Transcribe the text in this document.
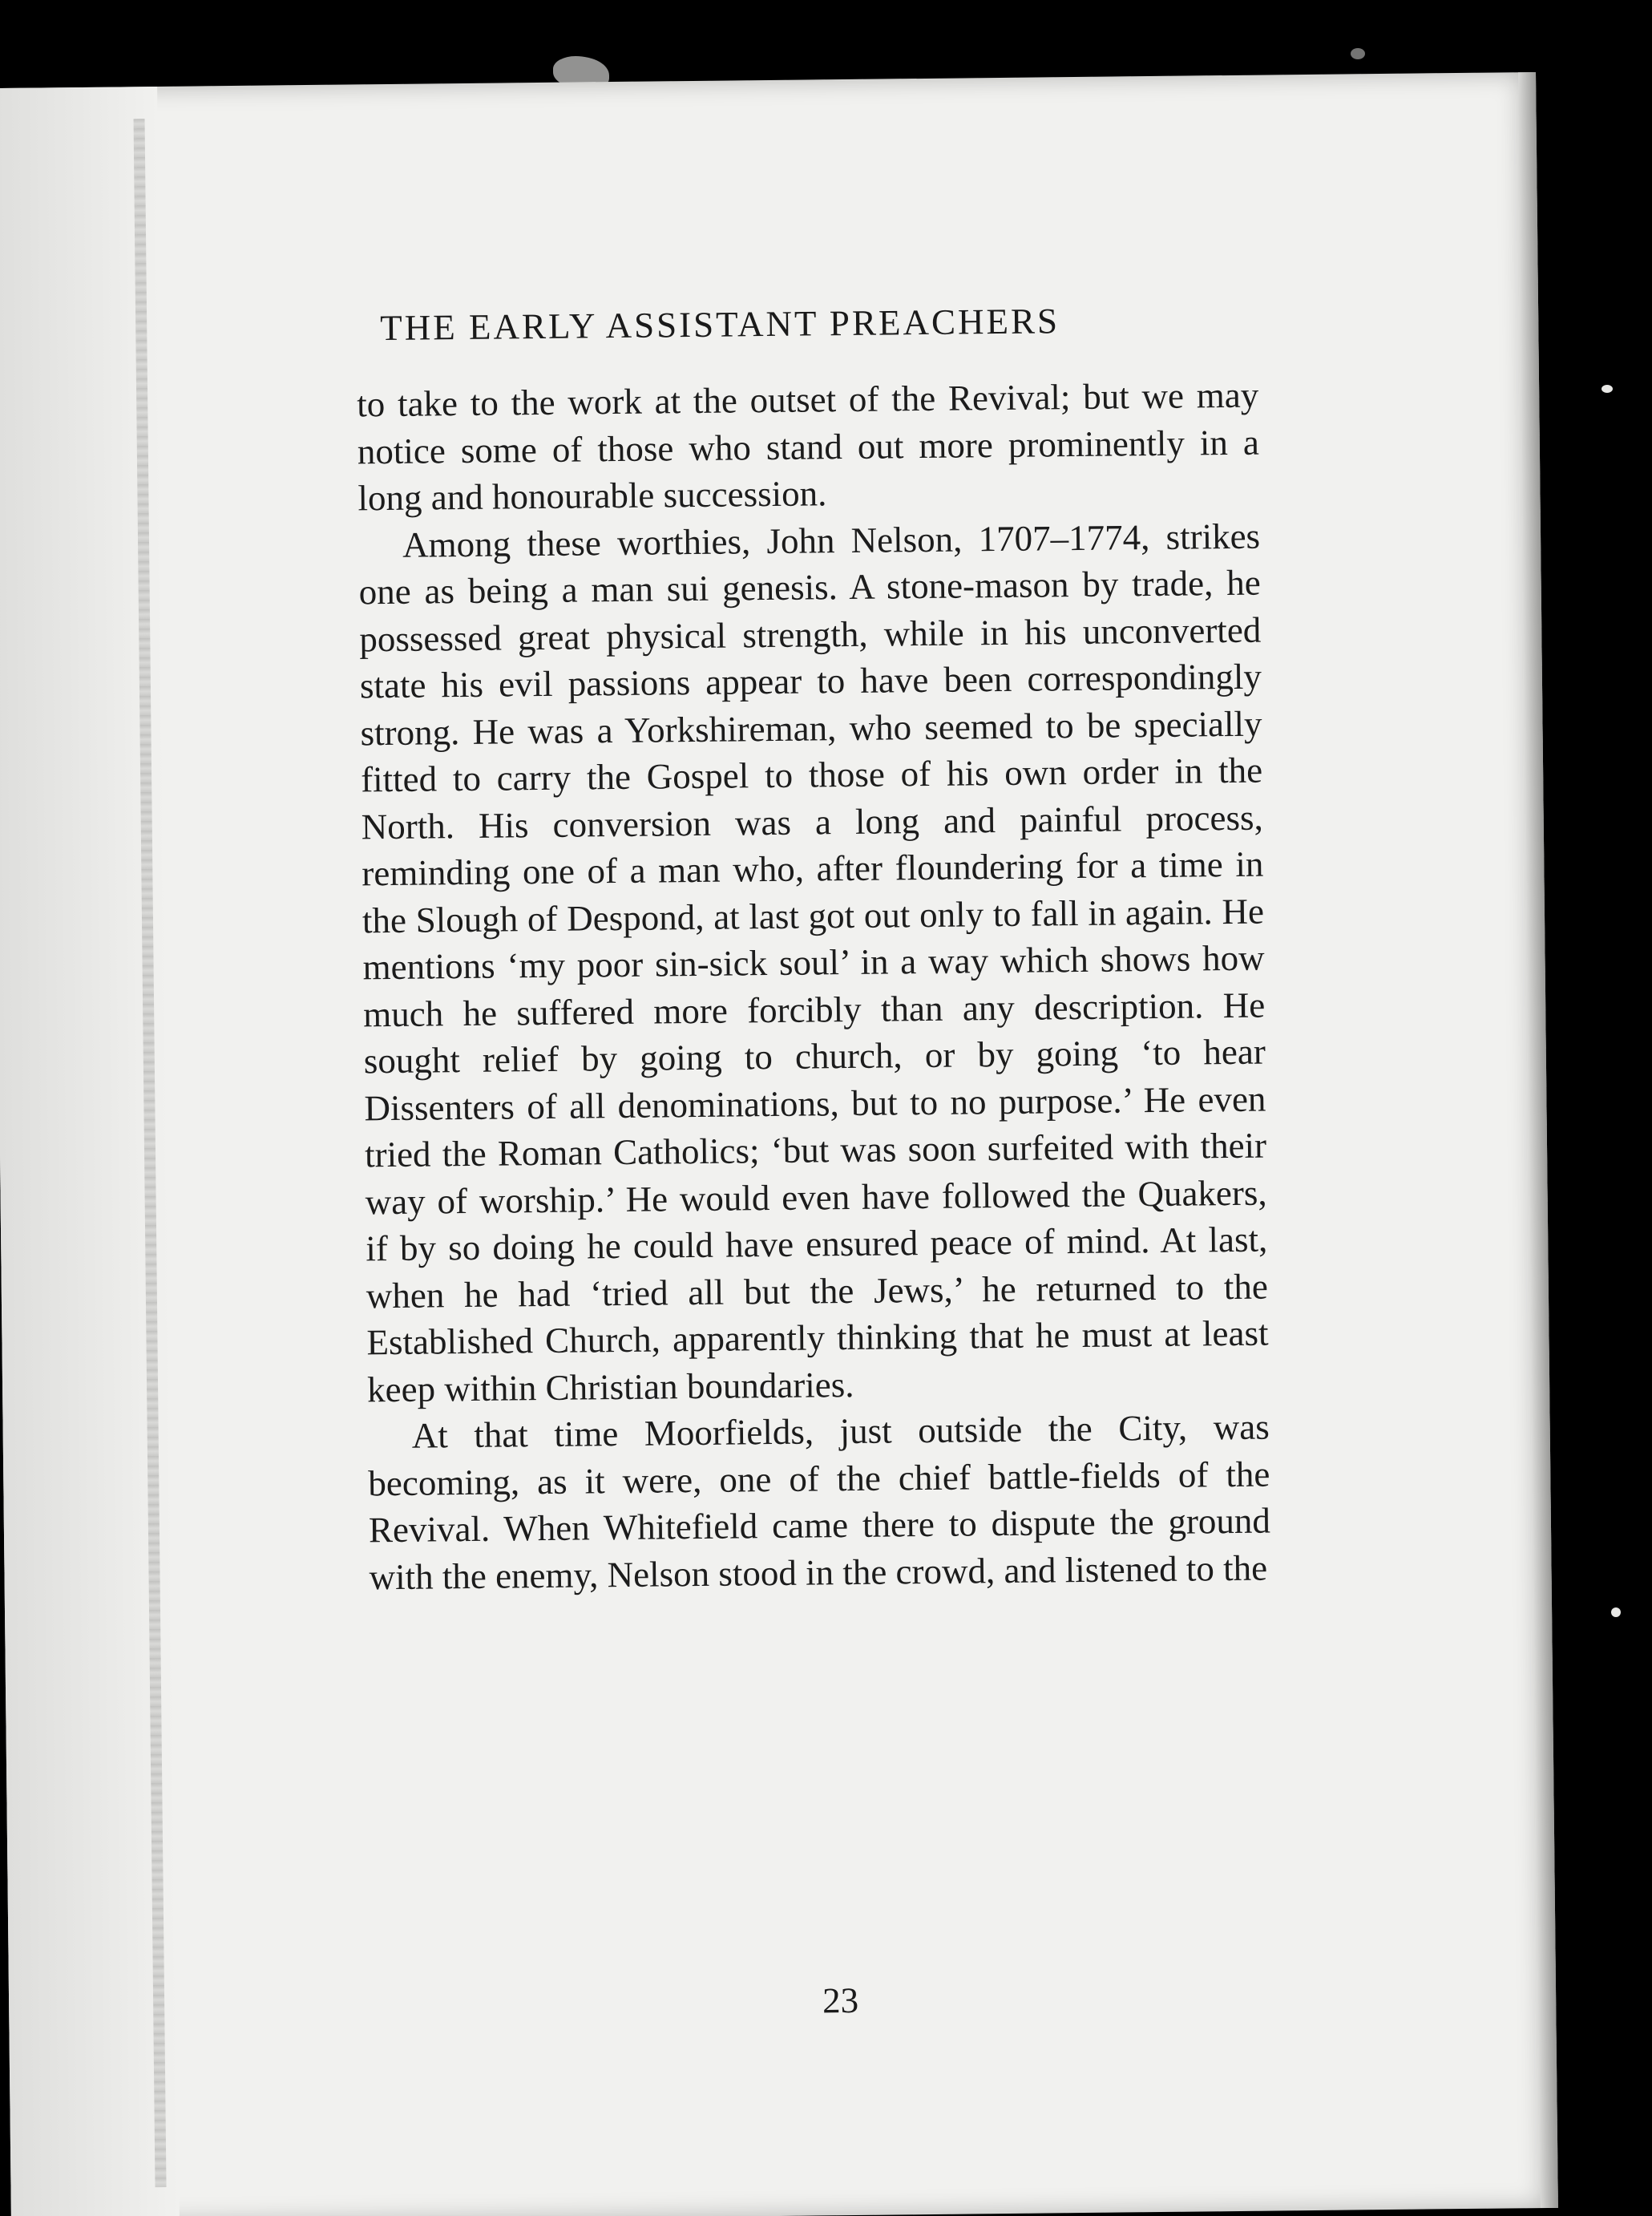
THE EARLY ASSISTANT PREACHERS

to take to the work at the outset of the Revival; but we may notice some of those who stand out more prominently in a long and honourable succession.

Among these worthies, John Nelson, 1707–1774, strikes one as being a man sui genesis. A stone-mason by trade, he possessed great physical strength, while in his unconverted state his evil passions appear to have been correspondingly strong. He was a Yorkshireman, who seemed to be specially fitted to carry the Gospel to those of his own order in the North. His conversion was a long and painful process, reminding one of a man who, after floundering for a time in the Slough of Despond, at last got out only to fall in again. He mentions ‘my poor sin-sick soul’ in a way which shows how much he suffered more forcibly than any description. He sought relief by going to church, or by going ‘to hear Dissenters of all denominations, but to no purpose.’ He even tried the Roman Catholics; ‘but was soon surfeited with their way of worship.’ He would even have followed the Quakers, if by so doing he could have ensured peace of mind. At last, when he had ‘tried all but the Jews,’ he returned to the Established Church, apparently thinking that he must at least keep within Christian boundaries.

At that time Moorfields, just outside the City, was becoming, as it were, one of the chief battle-fields of the Revival. When Whitefield came there to dispute the ground with the enemy, Nelson stood in the crowd, and listened to the

23
